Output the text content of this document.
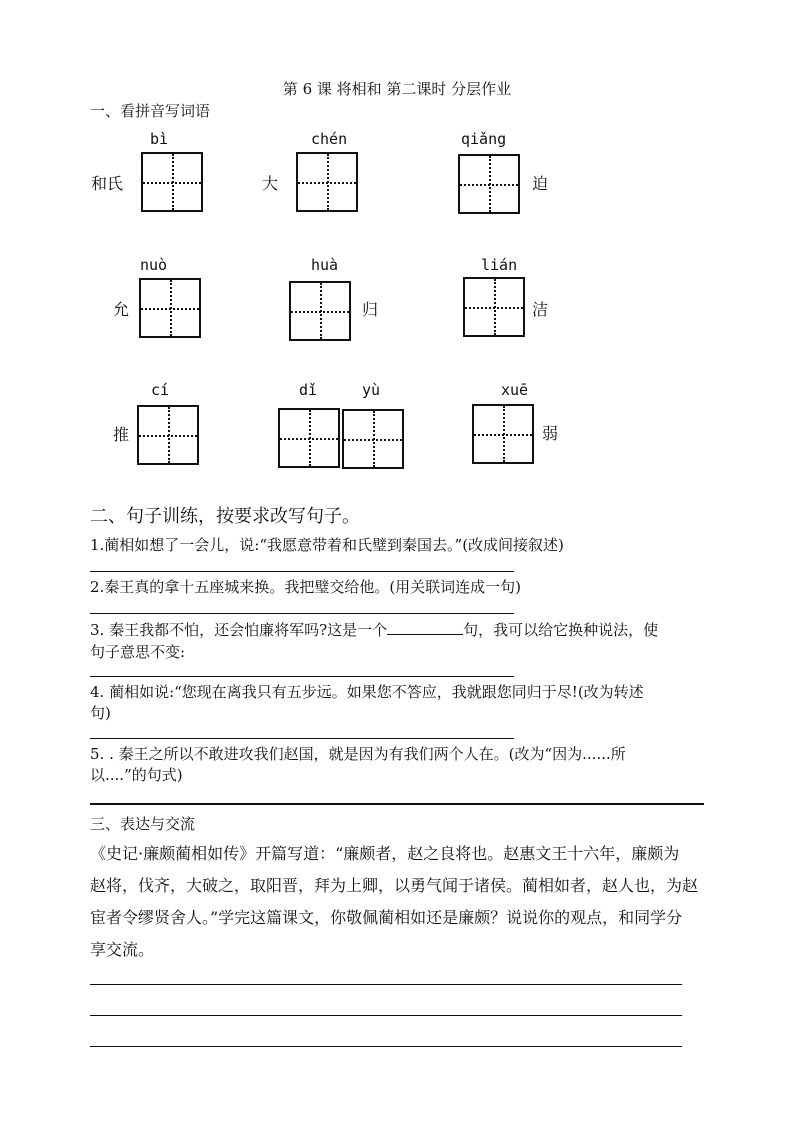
第 6 课 将相和 第二课时 分层作业
一、看拼音写词语
bì
和氏
chén
大
qiǎng
迫
nuò
允
huà
归
lián
洁
cí
推
dǐ	yù	xuē
弱
二、句子训练，按要求改写句子。
1.蔺相如想了一会儿，说:“我愿意带着和氏璧到秦国去。”(改成间接叙述)
2.秦王真的拿十五座城来换。我把璧交给他。(用关联词连成一句)
3. 秦王我都不怕，还会怕廉将军吗?这是一个	句，我可以给它换种说法，使
句子意思不变:
4. 蔺相如说:“您现在离我只有五步远。如果您不答应，我就跟您同归于尽!(改为转述
句)
5. . 秦王之所以不敢进攻我们赵国，就是因为有我们两个人在。(改为“因为......所
以....”的句式)
三、表达与交流
《史记·廉颇蔺相如传》开篇写道：“廉颇者，赵之良将也。赵惠文王十六年，廉颇为
赵将，伐齐，大破之，取阳晋，拜为上卿，以勇气闻于诸侯。蔺相如者，赵人也，为赵
宦者令缪贤舍人。”学完这篇课文，你敬佩蔺相如还是廉颇？说说你的观点，和同学分
享交流。
